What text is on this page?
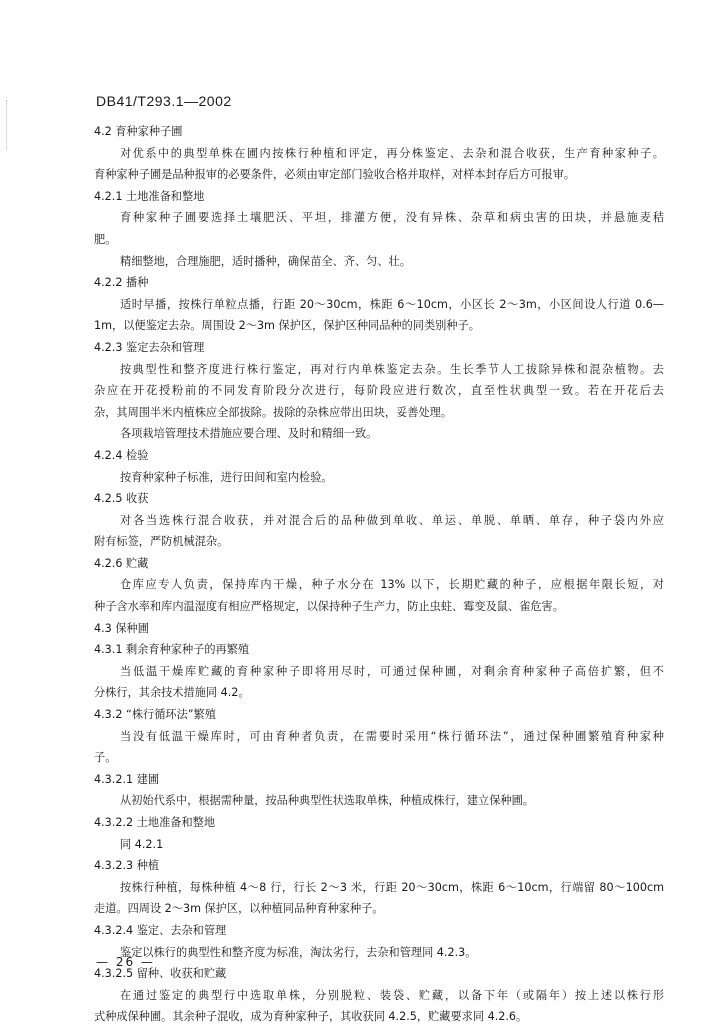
DB41/T293.1—2002
4.2 育种家种子圃
对优系中的典型单株在圃内按株行种植和评定，再分株鉴定、去杂和混合收获，生产育种家种子。
育种家种子圃是品种报审的必要条件，必须由审定部门验收合格并取样，对样本封存后方可报审。
4.2.1 土地准备和整地
育种家种子圃要选择土壤肥沃、平坦，排灌方便，没有异株、杂草和病虫害的田块，并悬施麦秸
肥。
精细整地，合理施肥，适时播种，确保苗全、齐、匀、壮。
4.2.2 播种
适时早播，按株行单粒点播，行距 20～30cm，株距 6～10cm，小区长 2～3m，小区间设人行道 0.6—
1m，以便鉴定去杂。周围设 2～3m 保护区，保护区种同品种的同类别种子。
4.2.3 鉴定去杂和管理
按典型性和整齐度进行株行鉴定，再对行内单株鉴定去杂。生长季节人工拔除异株和混杂植物。去
杂应在开花授粉前的不同发育阶段分次进行，每阶段应进行数次，直至性状典型一致。若在开花后去
杂，其周围半米内植株应全部拔除。拔除的杂株应带出田块，妥善处理。
各项栽培管理技术措施应要合理、及时和精细一致。
4.2.4 检验
按育种家种子标准，进行田间和室内检验。
4.2.5 收获
对各当选株行混合收获，并对混合后的品种做到单收、单运、单脱、单晒、单存，种子袋内外应
附有标签，严防机械混杂。
4.2.6 贮藏
仓库应专人负责，保持库内干燥，种子水分在 13% 以下，长期贮藏的种子，应根据年限长短，对
种子含水率和库内温湿度有相应严格规定，以保持种子生产力，防止虫蛀、霉变及鼠、雀危害。
4.3 保种圃
4.3.1 剩余育种家种子的再繁殖
当低温干燥库贮藏的育种家种子即将用尽时，可通过保种圃，对剩余育种家种子高倍扩繁，但不
分株行，其余技术措施同 4.2。
4.3.2 “株行循环法”繁殖
当没有低温干燥库时，可由育种者负责，在需要时采用“株行循环法”，通过保种圃繁殖育种家种
子。
4.3.2.1 建圃
从初始代系中，根据需种量，按品种典型性状选取单株，种植成株行，建立保种圃。
4.3.2.2 土地准备和整地
同 4.2.1
4.3.2.3 种植
按株行种植，每株种植 4～8 行，行长 2～3 米，行距 20～30cm，株距 6～10cm，行端留 80～100cm
走道。四周设 2～3m 保护区，以种植同品种育种家种子。
4.3.2.4 鉴定、去杂和管理
鉴定以株行的典型性和整齐度为标准，淘汰劣行，去杂和管理同 4.2.3。
4.3.2.5 留种、收获和贮藏
在通过鉴定的典型行中选取单株，分别脱粒、装袋、贮藏，以备下年（或隔年）按上述以株行形
式种成保种圃。其余种子混收，成为育种家种子，其收获同 4.2.5，贮藏要求同 4.2.6。
— 26 —
